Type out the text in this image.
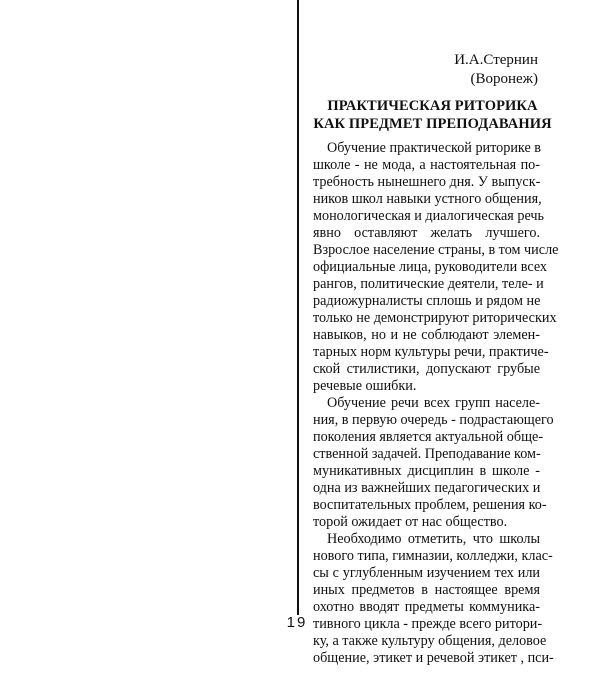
И.А.Стернин
(Воронеж)
ПРАКТИЧЕСКАЯ РИТОРИКА
КАК ПРЕДМЕТ ПРЕПОДАВАНИЯ
Обучение практической риторике в
школе - не мода, а настоятельная по-
требность нынешнего дня. У выпуск-
ников школ навыки устного общения,
монологическая и диалогическая речь
явно оставляют желать лучшего.
Взрослое население страны, в том числе
официальные лица, руководители всех
рангов, политические деятели, теле- и
радиожурналисты сплошь и рядом не
только не демонстрируют риторических
навыков, но и не соблюдают элемен-
тарных норм культуры речи, практиче-
ской стилистики, допускают грубые
речевые ошибки.
Обучение речи всех групп населе-
ния, в первую очередь - подрастающего
поколения является актуальной обще-
ственной задачей. Преподавание ком-
муникативных дисциплин в школе -
одна из важнейших педагогических и
воспитательных проблем, решения ко-
торой ожидает от нас общество.
Необходимо отметить, что школы
нового типа, гимназии, колледжи, клас-
сы с углубленным изучением тех или
иных предметов в настоящее время
охотно вводят предметы коммуника-
тивного цикла - прежде всего ритори-
ку, а также культуру общения, деловое
общение, этикет и речевой этикет , пси-
19
